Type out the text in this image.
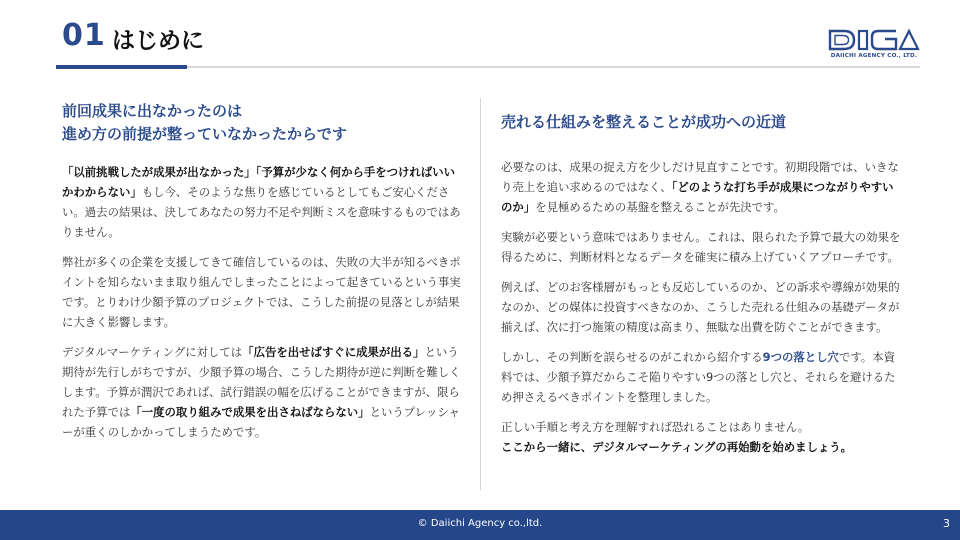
01 はじめに
DAIICHI AGENCY CO., LTD.
前回成果に出なかったのは
進め方の前提が整っていなかったからです

「以前挑戦したが成果が出なかった」「予算が少なく何から手をつければいいかわからない」もし今、そのような焦りを感じているとしてもご安心ください。過去の結果は、決してあなたの努力不足や判断ミスを意味するものではありません。

弊社が多くの企業を支援してきて確信しているのは、失敗の大半が知るべきポイントを知らないまま取り組んでしまったことによって起きているという事実です。とりわけ少額予算のプロジェクトでは、こうした前提の見落としが結果に大きく影響します。

デジタルマーケティングに対しては「広告を出せばすぐに成果が出る」という期待が先行しがちですが、少額予算の場合、こうした期待が逆に判断を難しくします。予算が潤沢であれば、試行錯誤の幅を広げることができますが、限られた予算では「一度の取り組みで成果を出さねばならない」というプレッシャーが重くのしかかってしまうためです。

売れる仕組みを整えることが成功への近道

必要なのは、成果の捉え方を少しだけ見直すことです。初期段階では、いきなり売上を追い求めるのではなく、「どのような打ち手が成果につながりやすいのか」を見極めるための基盤を整えることが先決です。

実験が必要という意味ではありません。これは、限られた予算で最大の効果を得るために、判断材料となるデータを確実に積み上げていくアプローチです。

例えば、どのお客様層がもっとも反応しているのか、どの訴求や導線が効果的なのか、どの媒体に投資すべきなのか、こうした売れる仕組みの基礎データが揃えば、次に打つ施策の精度は高まり、無駄な出費を防ぐことができます。

しかし、その判断を誤らせるのがこれから紹介する9つの落とし穴です。本資料では、少額予算だからこそ陥りやすい9つの落とし穴と、それらを避けるため押さえるべきポイントを整理しました。

正しい手順と考え方を理解すれば恐れることはありません。
ここから一緒に、デジタルマーケティングの再始動を始めましょう。

© Daiichi Agency co.,ltd.	3
